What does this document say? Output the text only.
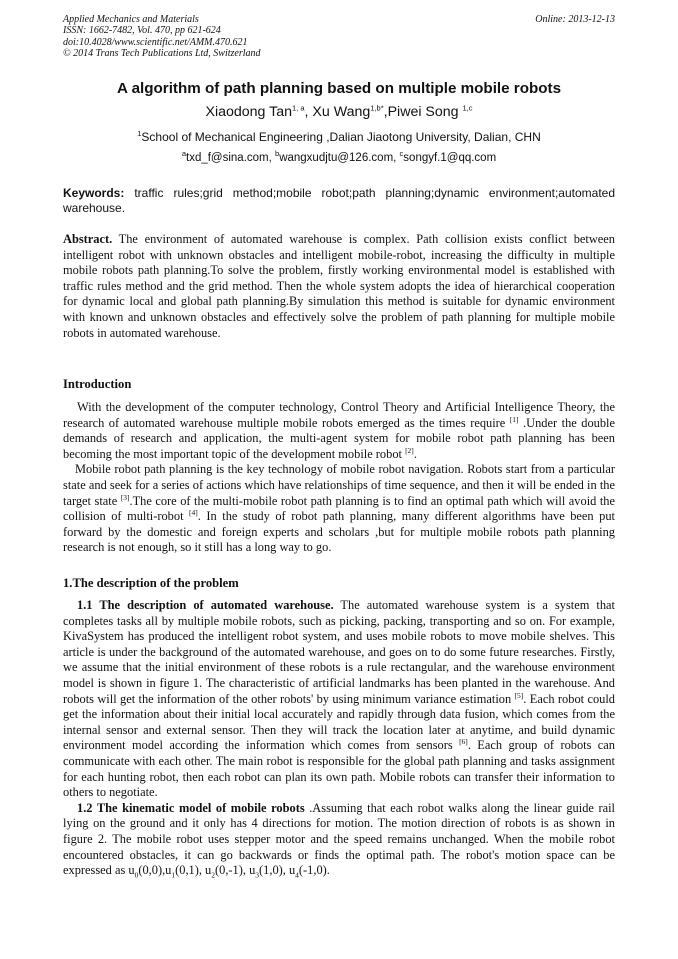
Applied Mechanics and Materials	Online: 2013-12-13
ISSN: 1662-7482, Vol. 470, pp 621-624
doi:10.4028/www.scientific.net/AMM.470.621
© 2014 Trans Tech Publications Ltd, Switzerland
A algorithm of path planning based on multiple mobile robots
Xiaodong Tan$^{1, a}$, Xu Wang$^{1,b*}$,Piwei Song $^{1,c}$
$^1$School of Mechanical Engineering ,Dalian Jiaotong University, Dalian, CHN
$^a$txd_f@sina.com, $^b$wangxudjtu@126.com, $^c$songyf.1@qq.com
Keywords: traffic rules;grid method;mobile robot;path planning;dynamic environment;automated warehouse.
Abstract. The environment of automated warehouse is complex. Path collision exists conflict between intelligent robot with unknown obstacles and intelligent mobile-robot, increasing the difficulty in multiple mobile robots path planning.To solve the problem, firstly working environmental model is established with traffic rules method and the grid method. Then the whole system adopts the idea of hierarchical cooperation for dynamic local and global path planning.By simulation this method is suitable for dynamic environment with known and unknown obstacles and effectively solve the problem of path planning for multiple mobile robots in automated warehouse.
Introduction

With the development of the computer technology, Control Theory and Artificial Intelligence Theory, the research of automated warehouse multiple mobile robots emerged as the times require [1] .Under the double demands of research and application, the multi-agent system for mobile robot path planning has been becoming the most important topic of the development mobile robot [2].

Mobile robot path planning is the key technology of mobile robot navigation. Robots start from a particular state and seek for a series of actions which have relationships of time sequence, and then it will be ended in the target state [3].The core of the multi-mobile robot path planning is to find an optimal path which will avoid the collision of multi-robot [4]. In the study of robot path planning, many different algorithms have been put forward by the domestic and foreign experts and scholars ,but for multiple mobile robots path planning research is not enough, so it still has a long way to go.

1.The description of the problem

1.1 The description of automated warehouse. The automated warehouse system is a system that completes tasks all by multiple mobile robots, such as picking, packing, transporting and so on. For example, KivaSystem has produced the intelligent robot system, and uses mobile robots to move mobile shelves. This article is under the background of the automated warehouse, and goes on to do some future researches. Firstly, we assume that the initial environment of these robots is a rule rectangular, and the warehouse environment model is shown in figure 1. The characteristic of artificial landmarks has been planted in the warehouse. And robots will get the information of the other robots' by using minimum variance estimation [5]. Each robot could get the information about their initial local accurately and rapidly through data fusion, which comes from the internal sensor and external sensor. Then they will track the location later at anytime, and build dynamic environment model according the information which comes from sensors [6]. Each group of robots can communicate with each other. The main robot is responsible for the global path planning and tasks assignment for each hunting robot, then each robot can plan its own path. Mobile robots can transfer their information to others to negotiate.

1.2 The kinematic model of mobile robots .Assuming that each robot walks along the linear guide rail lying on the ground and it only has 4 directions for motion. The motion direction of robots is as shown in figure 2. The mobile robot uses stepper motor and the speed remains unchanged. When the mobile robot encountered obstacles, it can go backwards or finds the optimal path. The robot's motion space can be expressed as $u_0(0,0),u_1(0,1)$, $u_2(0,-1)$, $u_3(1,0)$, $u_4(-1,0)$.
